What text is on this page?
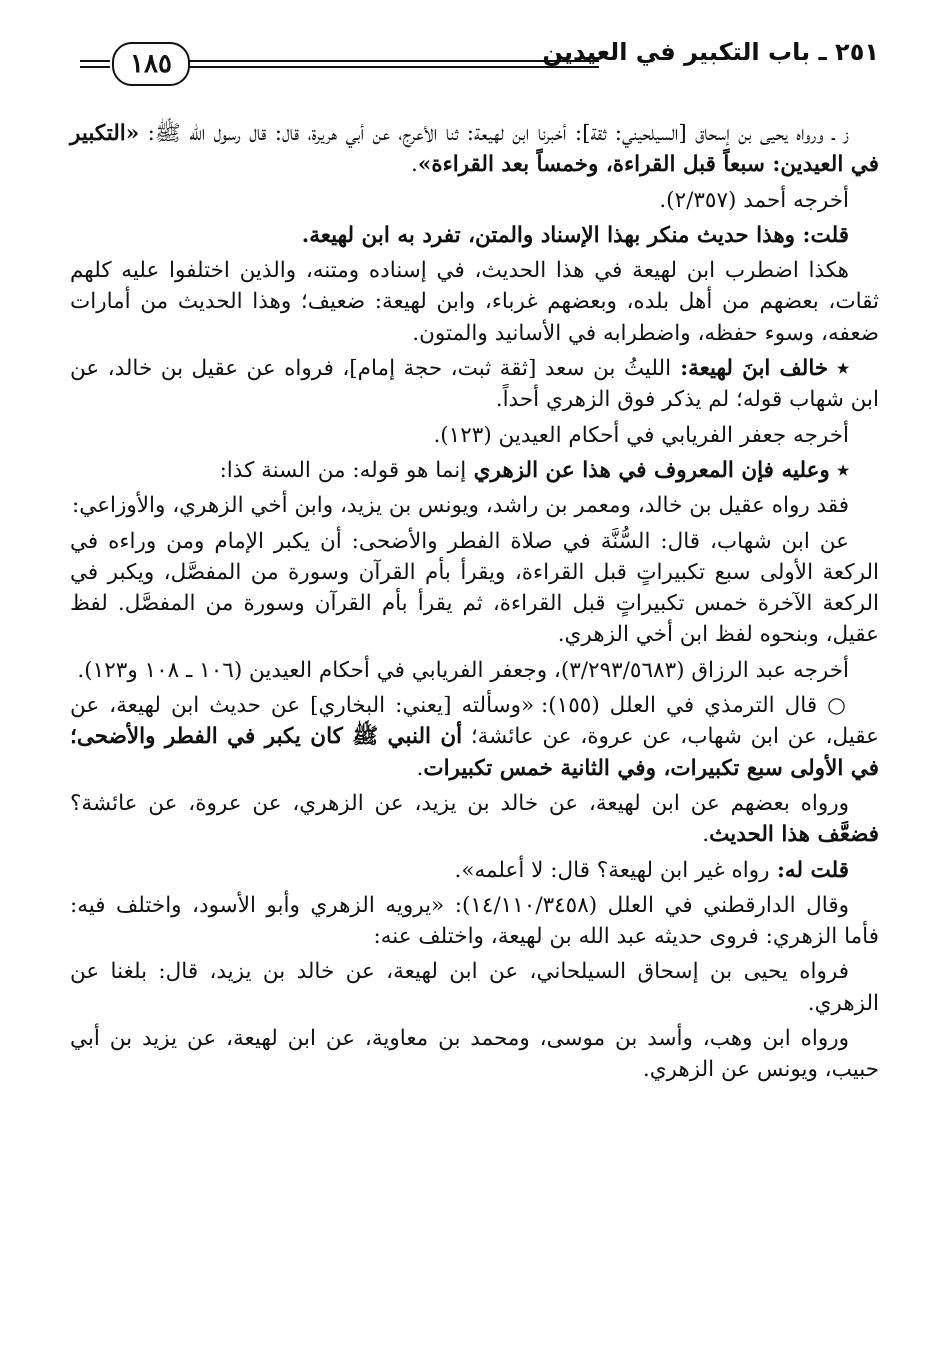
١٨٥	٢٥١ ـ باب التكبير في العيدين

ز ـ ورواه يحيى بن إسحاق [السيلحيني: ثقة]: أخبرنا ابن لهيعة: ثنا الأعرج، عن أبي هريرة، قال: قال رسول الله ﷺ: «التكبير في العيدين: سبعاً قبل القراءة، وخمساً بعد القراءة».

أخرجه أحمد (٢/٣٥٧).

قلت: وهذا حديث منكر بهذا الإسناد والمتن، تفرد به ابن لهيعة.

هكذا اضطرب ابن لهيعة في هذا الحديث، في إسناده ومتنه، والذين اختلفوا عليه كلهم ثقات، بعضهم من أهل بلده، وبعضهم غرباء، وابن لهيعة: ضعيف؛ وهذا الحديث من أمارات ضعفه، وسوء حفظه، واضطرابه في الأسانيد والمتون.

٭ خالف ابنَ لهيعة: الليثُ بن سعد [ثقة ثبت، حجة إمام]، فرواه عن عقيل بن خالد، عن ابن شهاب قوله؛ لم يذكر فوق الزهري أحداً.

أخرجه جعفر الفريابي في أحكام العيدين (١٢٣).

٭ وعليه فإن المعروف في هذا عن الزهري إنما هو قوله: من السنة كذا:

فقد رواه عقيل بن خالد، ومعمر بن راشد، ويونس بن يزيد، وابن أخي الزهري، والأوزاعي:

عن ابن شهاب، قال: السُّنَّة في صلاة الفطر والأضحى: أن يكبر الإمام ومن وراءه في الركعة الأولى سبع تكبيراتٍ قبل القراءة، ويقرأ بأم القرآن وسورة من المفصَّل، ويكبر في الركعة الآخرة خمس تكبيراتٍ قبل القراءة، ثم يقرأ بأم القرآن وسورة من المفصَّل. لفظ عقيل، وبنحوه لفظ ابن أخي الزهري.

أخرجه عبد الرزاق (٣/٢٩٣/٥٦٨٣)، وجعفر الفريابي في أحكام العيدين (١٠٦ ـ ١٠٨ و١٢٣).

○ قال الترمذي في العلل (١٥٥): «وسألته [يعني: البخاري] عن حديث ابن لهيعة، عن عقيل، عن ابن شهاب، عن عروة، عن عائشة؛ أن النبي ﷺ كان يكبر في الفطر والأضحى؛ في الأولى سبع تكبيرات، وفي الثانية خمس تكبيرات.

ورواه بعضهم عن ابن لهيعة، عن خالد بن يزيد، عن الزهري، عن عروة، عن عائشة؟ فضعَّف هذا الحديث.

قلت له: رواه غير ابن لهيعة؟ قال: لا أعلمه».

وقال الدارقطني في العلل (١٤/١١٠/٣٤٥٨): «يرويه الزهري وأبو الأسود، واختلف فيه: فأما الزهري: فروى حديثه عبد الله بن لهيعة، واختلف عنه:

فرواه يحيى بن إسحاق السيلحاني، عن ابن لهيعة، عن خالد بن يزيد، قال: بلغنا عن الزهري.

ورواه ابن وهب، وأسد بن موسى، ومحمد بن معاوية، عن ابن لهيعة، عن يزيد بن أبي حبيب، ويونس عن الزهري.
